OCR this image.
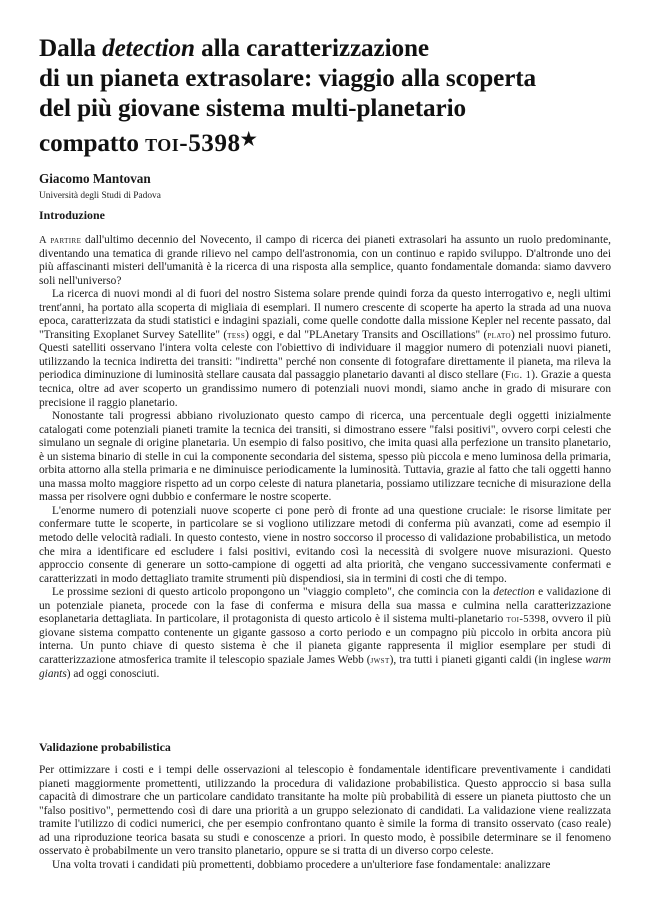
Dalla detection alla caratterizzazione
di un pianeta extrasolare: viaggio alla scoperta
del più giovane sistema multi-planetario
compatto toi-5398★
Giacomo Mantovan
Università degli Studi di Padova
Introduzione

A partire dall'ultimo decennio del Novecento, il campo di ricerca dei pianeti extrasolari ha assunto un ruolo predominante, diventando una tematica di grande rilievo nel campo dell'astronomia, con un continuo e rapido sviluppo. D'altronde uno dei più affascinanti misteri dell'umanità è la ricerca di una risposta alla semplice, quanto fondamentale domanda: siamo davvero soli nell'universo?

La ricerca di nuovi mondi al di fuori del nostro Sistema solare prende quindi forza da questo interrogativo e, negli ultimi trent'anni, ha portato alla scoperta di migliaia di esemplari. Il numero crescente di scoperte ha aperto la strada ad una nuova epoca, caratterizzata da studi statistici e indagini spaziali, come quelle condotte dalla missione Kepler nel recente passato, dal "Transiting Exoplanet Survey Satellite" (tess) oggi, e dal "PLAnetary Transits and Oscillations" (plato) nel prossimo futuro. Questi satelliti osservano l'intera volta celeste con l'obiettivo di individuare il maggior numero di potenziali nuovi pianeti, utilizzando la tecnica indiretta dei transiti: "indiretta" perché non consente di fotografare direttamente il pianeta, ma rileva la periodica diminuzione di luminosità stellare causata dal passaggio planetario davanti al disco stellare (Fig. 1). Grazie a questa tecnica, oltre ad aver scoperto un grandissimo numero di potenziali nuovi mondi, siamo anche in grado di misurare con precisione il raggio planetario.

Nonostante tali progressi abbiano rivoluzionato questo campo di ricerca, una percentuale degli oggetti inizialmente catalogati come potenziali pianeti tramite la tecnica dei transiti, si dimostrano essere "falsi positivi", ovvero corpi celesti che simulano un segnale di origine planetaria. Un esempio di falso positivo, che imita quasi alla perfezione un transito planetario, è un sistema binario di stelle in cui la componente secondaria del sistema, spesso più piccola e meno luminosa della primaria, orbita attorno alla stella primaria e ne diminuisce periodicamente la luminosità. Tuttavia, grazie al fatto che tali oggetti hanno una massa molto maggiore rispetto ad un corpo celeste di natura planetaria, possiamo utilizzare tecniche di misurazione della massa per risolvere ogni dubbio e confermare le nostre scoperte.

L'enorme numero di potenziali nuove scoperte ci pone però di fronte ad una questione cruciale: le risorse limitate per confermare tutte le scoperte, in particolare se si vogliono utilizzare metodi di conferma più avanzati, come ad esempio il metodo delle velocità radiali. In questo contesto, viene in nostro soccorso il processo di validazione probabilistica, un metodo che mira a identificare ed escludere i falsi positivi, evitando così la necessità di svolgere nuove misurazioni. Questo approccio consente di generare un sotto-campione di oggetti ad alta priorità, che vengano successivamente confermati e caratterizzati in modo dettagliato tramite strumenti più dispendiosi, sia in termini di costi che di tempo.

Le prossime sezioni di questo articolo propongono un "viaggio completo", che comincia con la detection e validazione di un potenziale pianeta, procede con la fase di conferma e misura della sua massa e culmina nella caratterizzazione esoplanetaria dettagliata. In particolare, il protagonista di questo articolo è il sistema multi-planetario toi-5398, ovvero il più giovane sistema compatto contenente un gigante gassoso a corto periodo e un compagno più piccolo in orbita ancora più interna. Un punto chiave di questo sistema è che il pianeta gigante rappresenta il miglior esemplare per studi di caratterizzazione atmosferica tramite il telescopio spaziale James Webb (jwst), tra tutti i pianeti giganti caldi (in inglese warm giants) ad oggi conosciuti.

Validazione probabilistica

Per ottimizzare i costi e i tempi delle osservazioni al telescopio è fondamentale identificare preventivamente i candidati pianeti maggiormente promettenti, utilizzando la procedura di validazione probabilistica. Questo approccio si basa sulla capacità di dimostrare che un particolare candidato transitante ha molte più probabilità di essere un pianeta piuttosto che un "falso positivo", permettendo così di dare una priorità a un gruppo selezionato di candidati. La validazione viene realizzata tramite l'utilizzo di codici numerici, che per esempio confrontano quanto è simile la forma di transito osservato (caso reale) ad una riproduzione teorica basata su studi e conoscenze a priori. In questo modo, è possibile determinare se il fenomeno osservato è probabilmente un vero transito planetario, oppure se si tratta di un diverso corpo celeste.

Una volta trovati i candidati più promettenti, dobbiamo procedere a un'ulteriore fase fondamentale: analizzare
